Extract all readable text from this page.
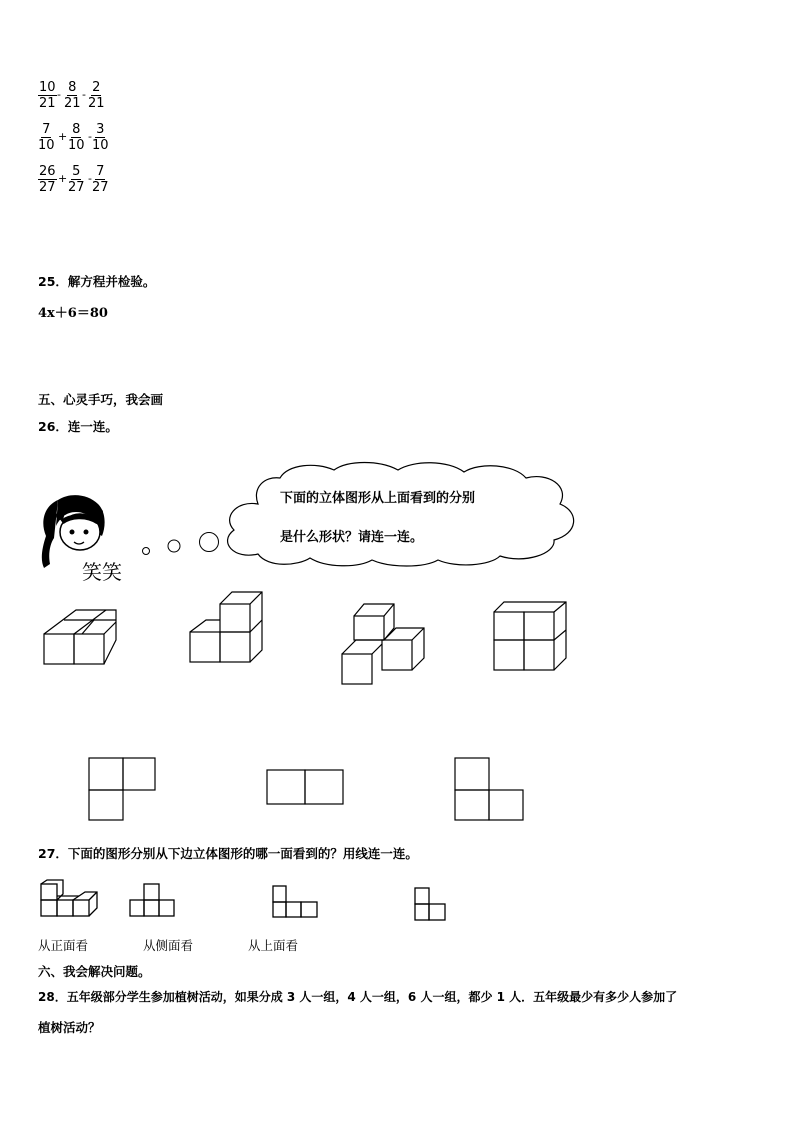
$\frac{10}{21} - \frac{8}{21} - \frac{2}{21}$
$\frac{7}{10} + \frac{8}{10} - \frac{3}{10}$
$\frac{26}{27} + \frac{5}{27} - \frac{7}{27}$
25．解方程并检验。
4x＋6＝80
五、心灵手巧，我会画
26．连一连。
笑笑
下面的立体图形从上面看到的分别
是什么形状？请连一连。
27．下面的图形分别从下边立体图形的哪一面看到的？用线连一连。
从正面看	从侧面看	从上面看
六、我会解决问题。
28．五年级部分学生参加植树活动，如果分成 3 人一组，4 人一组，6 人一组，都少 1 人．五年级最少有多少人参加了
植树活动？
